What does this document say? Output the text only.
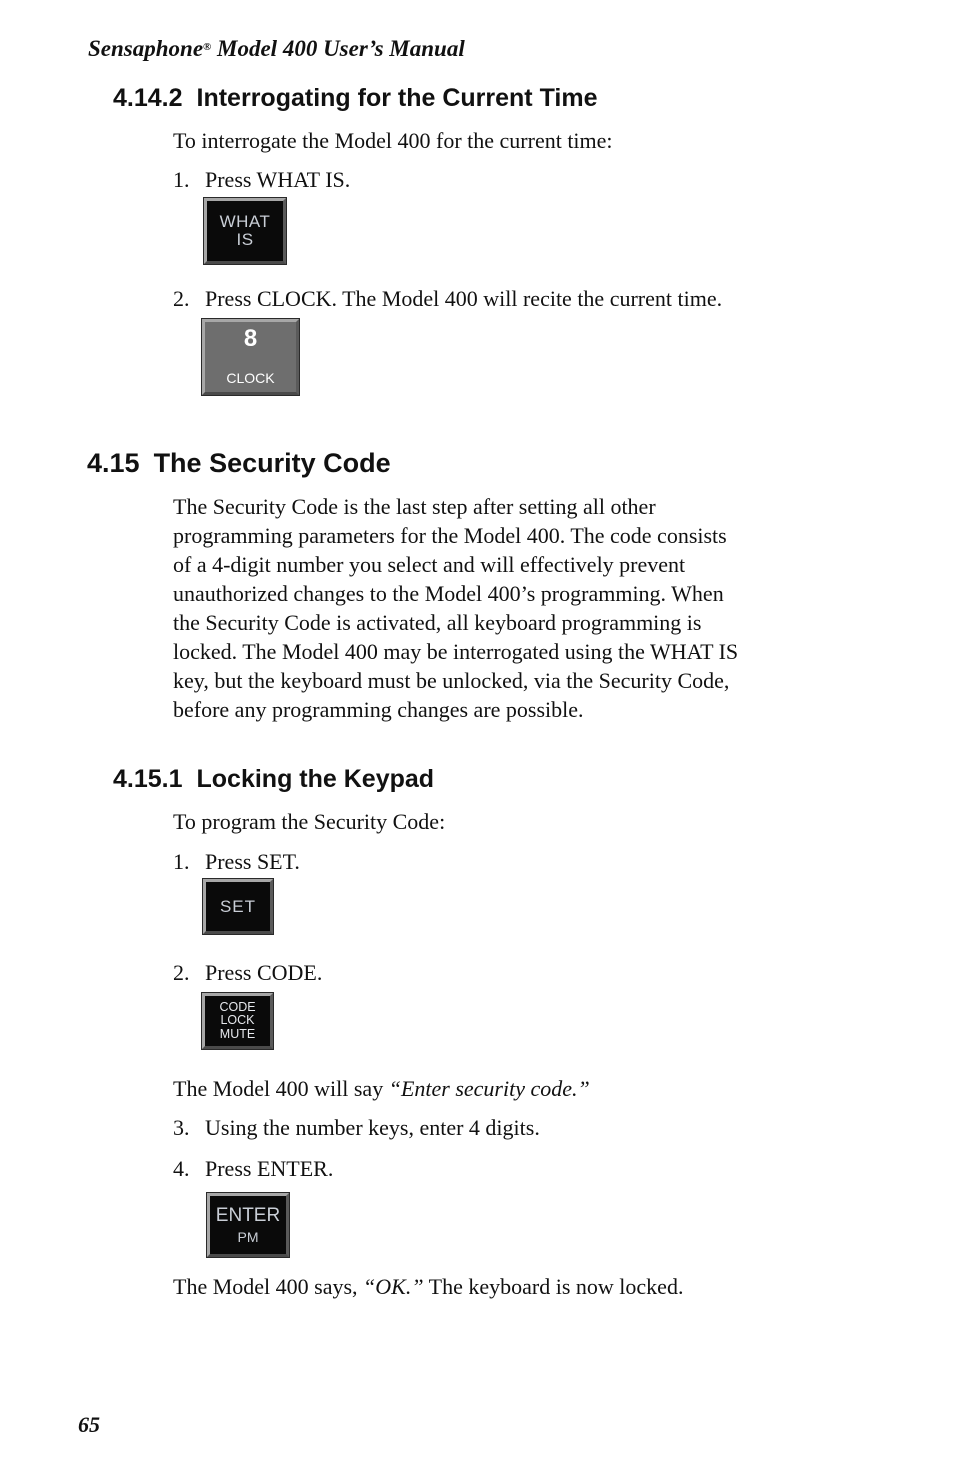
Sensaphone® Model 400 User’s Manual
4.14.2 Interrogating for the Current Time
To interrogate the Model 400 for the current time:
1. Press WHAT IS.
WHAT
IS
2. Press CLOCK. The Model 400 will recite the current time.
8
CLOCK
4.15 The Security Code
The Security Code is the last step after setting all other
programming parameters for the Model 400. The code consists
of a 4-digit number you select and will effectively prevent
unauthorized changes to the Model 400’s programming. When
the Security Code is activated, all keyboard programming is
locked. The Model 400 may be interrogated using the WHAT IS
key, but the keyboard must be unlocked, via the Security Code,
before any programming changes are possible.
4.15.1 Locking the Keypad
To program the Security Code:
1. Press SET.
SET
2. Press CODE.
CODE
LOCK
MUTE
The Model 400 will say “Enter security code.”
3. Using the number keys, enter 4 digits.
4. Press ENTER.
ENTER
PM
The Model 400 says, “OK.” The keyboard is now locked.
65
